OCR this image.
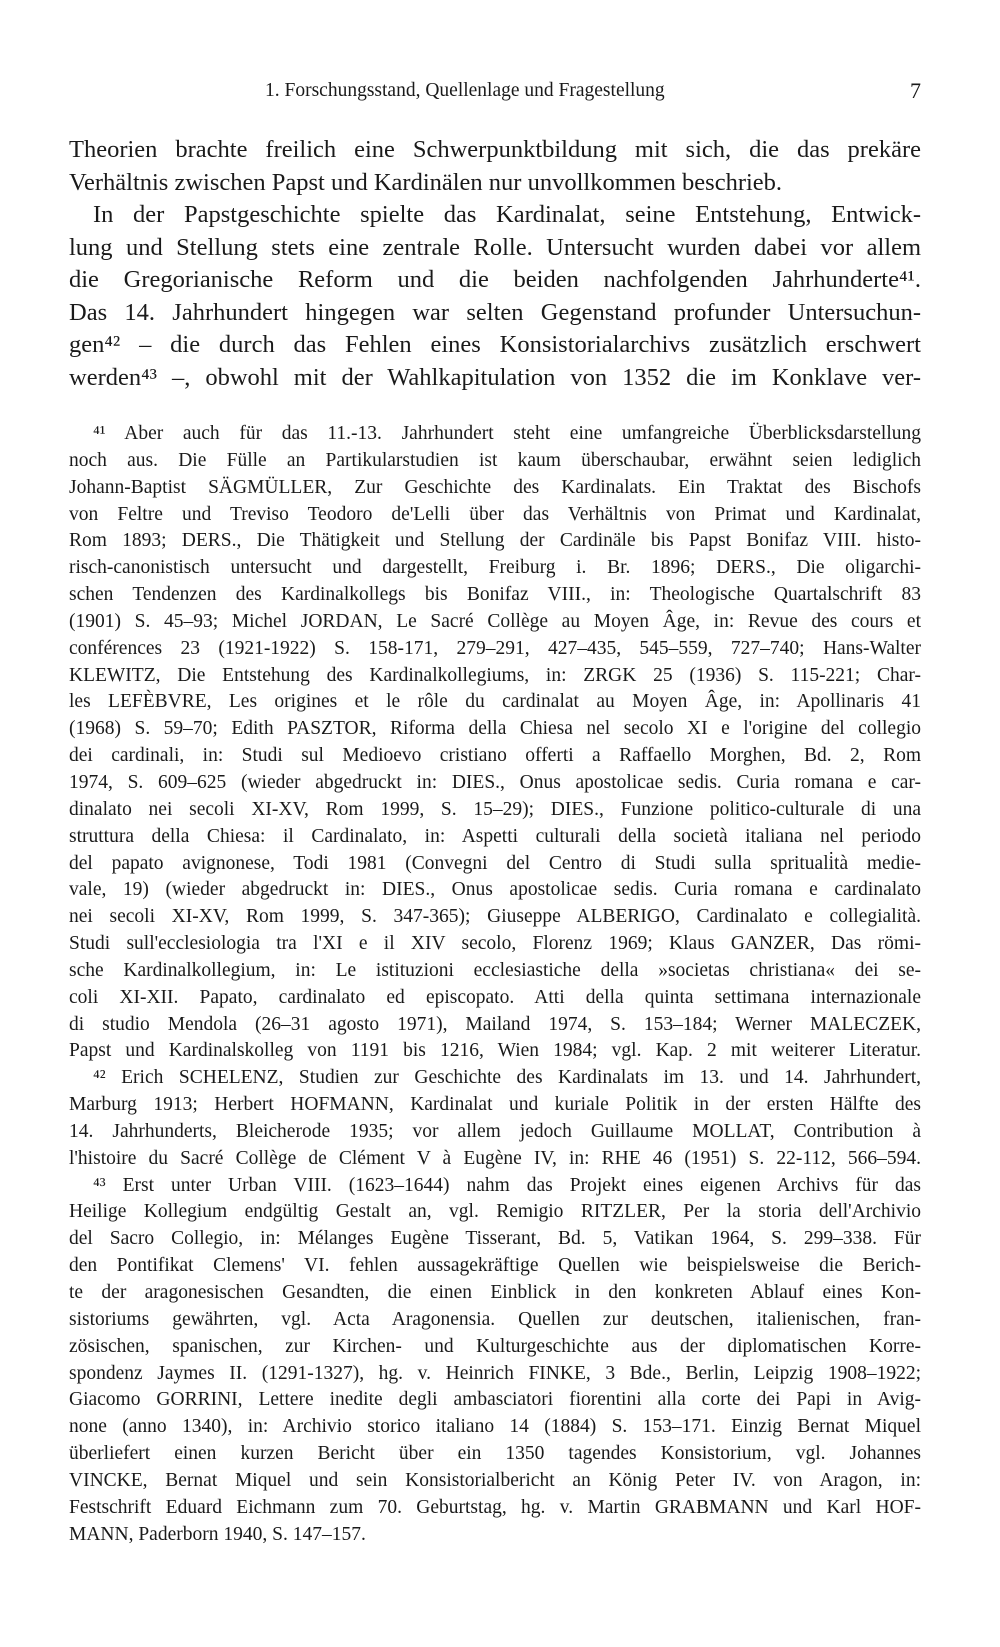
1. Forschungsstand, Quellenlage und Fragestellung	7
Theorien brachte freilich eine Schwerpunktbildung mit sich, die das prekäre
Verhältnis zwischen Papst und Kardinälen nur unvollkommen beschrieb.
In der Papstgeschichte spielte das Kardinalat, seine Entstehung, Entwick-
lung und Stellung stets eine zentrale Rolle. Untersucht wurden dabei vor allem
die Gregorianische Reform und die beiden nachfolgenden Jahrhunderte⁴¹.
Das 14. Jahrhundert hingegen war selten Gegenstand profunder Untersuchun-
gen⁴² – die durch das Fehlen eines Konsistorialarchivs zusätzlich erschwert
werden⁴³ –, obwohl mit der Wahlkapitulation von 1352 die im Konklave ver-
⁴¹ Aber auch für das 11.-13. Jahrhundert steht eine umfangreiche Überblicksdarstellung
noch aus. Die Fülle an Partikularstudien ist kaum überschaubar, erwähnt seien lediglich
Johann-Baptist SÄGMÜLLER, Zur Geschichte des Kardinalats. Ein Traktat des Bischofs
von Feltre und Treviso Teodoro de'Lelli über das Verhältnis von Primat und Kardinalat,
Rom 1893; DERS., Die Thätigkeit und Stellung der Cardinäle bis Papst Bonifaz VIII. histo-
risch-canonistisch untersucht und dargestellt, Freiburg i. Br. 1896; DERS., Die oligarchi-
schen Tendenzen des Kardinalkollegs bis Bonifaz VIII., in: Theologische Quartalschrift 83
(1901) S. 45–93; Michel JORDAN, Le Sacré Collège au Moyen Âge, in: Revue des cours et
conférences 23 (1921-1922) S. 158-171, 279–291, 427–435, 545–559, 727–740; Hans-Walter
KLEWITZ, Die Entstehung des Kardinalkollegiums, in: ZRGK 25 (1936) S. 115-221; Char-
les LEFÈBVRE, Les origines et le rôle du cardinalat au Moyen Âge, in: Apollinaris 41
(1968) S. 59–70; Edith PASZTOR, Riforma della Chiesa nel secolo XI e l'origine del collegio
dei cardinali, in: Studi sul Medioevo cristiano offerti a Raffaello Morghen, Bd. 2, Rom
1974, S. 609–625 (wieder abgedruckt in: DIES., Onus apostolicae sedis. Curia romana e car-
dinalato nei secoli XI-XV, Rom 1999, S. 15–29); DIES., Funzione politico-culturale di una
struttura della Chiesa: il Cardinalato, in: Aspetti culturali della società italiana nel periodo
del papato avignonese, Todi 1981 (Convegni del Centro di Studi sulla sprituali̇tà medie-
vale, 19) (wieder abgedruckt in: DIES., Onus apostolicae sedis. Curia romana e cardinalato
nei secoli XI-XV, Rom 1999, S. 347-365); Giuseppe ALBERIGO, Cardinalato e collegialità.
Studi sull'ecclesiologia tra l'XI e il XIV secolo, Florenz 1969; Klaus GANZER, Das römi-
sche Kardinalkollegium, in: Le istituzioni ecclesiastiche della »societas christiana« dei se-
coli XI-XII. Papato, cardinalato ed episcopato. Atti della quinta settimana internazionale
di studio Mendola (26–31 agosto 1971), Mailand 1974, S. 153–184; Werner MALECZEK,
Papst und Kardinalskolleg von 1191 bis 1216, Wien 1984; vgl. Kap. 2 mit weiterer Literatur.
⁴² Erich SCHELENZ, Studien zur Geschichte des Kardinalats im 13. und 14. Jahrhundert,
Marburg 1913; Herbert HOFMANN, Kardinalat und kuriale Politik in der ersten Hälfte des
14. Jahrhunderts, Bleicherode 1935; vor allem jedoch Guillaume MOLLAT, Contribution à
l'histoire du Sacré Collège de Clément V à Eugène IV, in: RHE 46 (1951) S. 22-112, 566–594.
⁴³ Erst unter Urban VIII. (1623–1644) nahm das Projekt eines eigenen Archivs für das
Heilige Kollegium endgültig Gestalt an, vgl. Remigio RITZLER, Per la storia dell'Archivio
del Sacro Collegio, in: Mélanges Eugène Tisserant, Bd. 5, Vatikan 1964, S. 299–338. Für
den Pontifikat Clemens' VI. fehlen aussagekräftige Quellen wie beispielsweise die Berich-
te der aragonesischen Gesandten, die einen Einblick in den konkreten Ablauf eines Kon-
sistoriums gewährten, vgl. Acta Aragonensia. Quellen zur deutschen, italienischen, fran-
zösischen, spanischen, zur Kirchen- und Kulturgeschichte aus der diplomatischen Korre-
spondenz Jaymes II. (1291-1327), hg. v. Heinrich FINKE, 3 Bde., Berlin, Leipzig 1908–1922;
Giacomo GORRINI, Lettere inedite degli ambasciatori fiorentini alla corte dei Papi in Avig-
none (anno 1340), in: Archivio storico italiano 14 (1884) S. 153–171. Einzig Bernat Miquel
überliefert einen kurzen Bericht über ein 1350 tagendes Konsistorium, vgl. Johannes
VINCKE, Bernat Miquel und sein Konsistorialbericht an König Peter IV. von Aragon, in:
Festschrift Eduard Eichmann zum 70. Geburtstag, hg. v. Martin GRABMANN und Karl HOF-
MANN, Paderborn 1940, S. 147–157.
